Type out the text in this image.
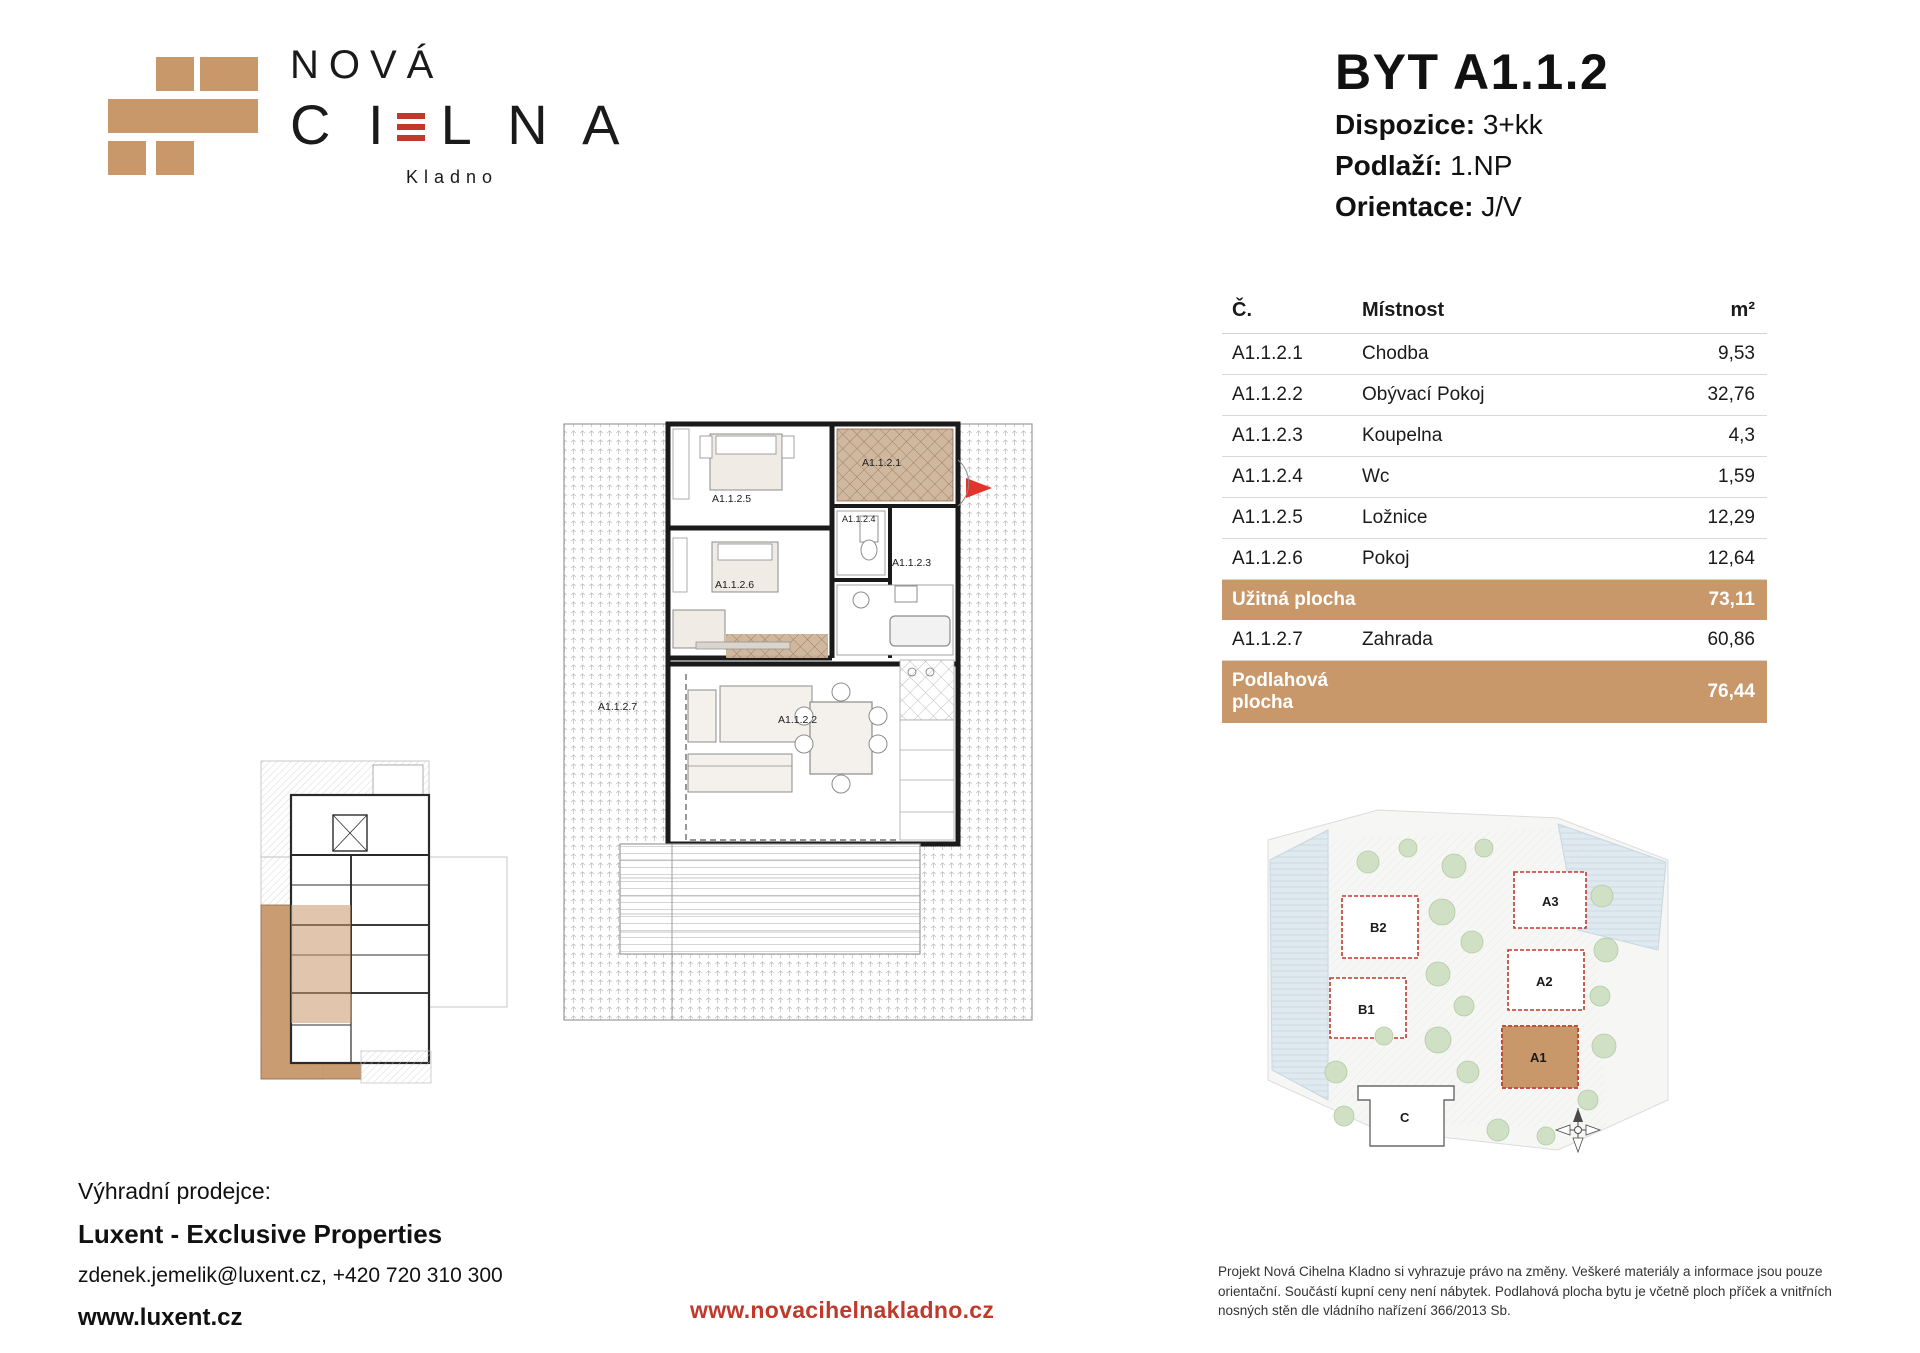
NOVÁ
C I L N A
Kladno
BYT A1.1.2
Dispozice: 3+kk
Podlaží: 1.NP
Orientace: J/V
Č.	Místnost	m²
A1.1.2.1	Chodba	9,53
A1.1.2.2	Obývací Pokoj	32,76
A1.1.2.3	Koupelna	4,3
A1.1.2.4	Wc	1,59
A1.1.2.5	Ložnice	12,29
A1.1.2.6	Pokoj	12,64
Užitná plocha		73,11
A1.1.2.7	Zahrada	60,86
Podlahová plocha		76,44
A1.1.2.1
A1.1.2.2
A1.1.2.3
A1.1.2.4
A1.1.2.5
A1.1.2.6
A1.1.2.7
B2
B1
A3
A2
A1
C
Výhradní prodejce:
Luxent - Exclusive Properties
zdenek.jemelik@luxent.cz, +420 720 310 300
www.luxent.cz	www.novacihelnakladno.cz
Projekt Nová Cihelna Kladno si vyhrazuje právo na změny. Veškeré materiály a informace jsou pouze orientační. Součástí kupní ceny není nábytek. Podlahová plocha bytu je včetně ploch příček a vnitřních nosných stěn dle vládního nařízení 366/2013 Sb.
